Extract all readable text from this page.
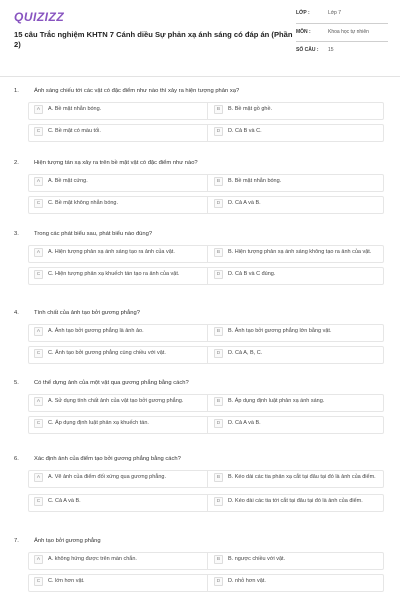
QUIZIZZ
15 câu Trắc nghiệm KHTN 7 Cánh diều Sự phản xạ ánh sáng có đáp án (Phần 2)
LỚP :	Lớp 7
MÔN :	Khoa học tự nhiên
SỐ CÂU :	15
1.	Ánh sáng chiếu tới các vật có đặc điểm như nào thì xảy ra hiện tượng phản xạ?
A	A. Bề mặt nhẵn bóng.	B	B. Bề mặt gồ ghề.
C	C. Bề mặt có màu tối.	D	D. Cả B và C.
2.	Hiện tượng tán xạ xảy ra trên bề mặt vật có đặc điểm như nào?
A	A. Bề mặt cứng.	B	B. Bề mặt nhẵn bóng.
C	C. Bề mặt không nhẵn bóng.	D	D. Cả A và B.
3.	Trong các phát biểu sau, phát biểu nào đúng?
A	A. Hiện tượng phản xạ ánh sáng tạo ra ảnh của vật.	B	B. Hiện tượng phản xạ ánh sáng không tạo ra ảnh của vật.
C	C. Hiện tượng phản xạ khuếch tán tạo ra ảnh của vật.	D	D. Cả B và C đúng.
4.	Tính chất của ảnh tạo bởi gương phẳng?
A	A. Ảnh tạo bởi gương phẳng là ảnh ảo.	B	B. Ảnh tạo bởi gương phẳng lớn bằng vật.
C	C. Ảnh tạo bởi gương phẳng cùng chiều với vật.	D	D. Cả A, B, C.
5.	Có thể dựng ảnh của một vật qua gương phẳng bằng cách?
A	A. Sử dụng tính chất ảnh của vật tạo bởi gương phẳng.	B	B. Áp dụng định luật phản xạ ánh sáng.
C	C. Áp dụng định luật phản xạ khuếch tán.	D	D. Cả A và B.
6.	Xác định ảnh của điểm tạo bởi gương phẳng bằng cách?
A	A. Vẽ ảnh của điểm đối xứng qua gương phẳng.	B	B. Kéo dài các tia phản xạ cắt tại đâu tại đó là ảnh của điểm.
C	C. Cả A và B.	D	D. Kéo dài các tia tới cắt tại đâu tại đó là ảnh của điểm.
7.	Ảnh tạo bởi gương phẳng
A	A. không hứng được trên màn chắn.	B	B. ngược chiều với vật.
C	C. lớn hơn vật.	D	D. nhỏ hơn vật.
